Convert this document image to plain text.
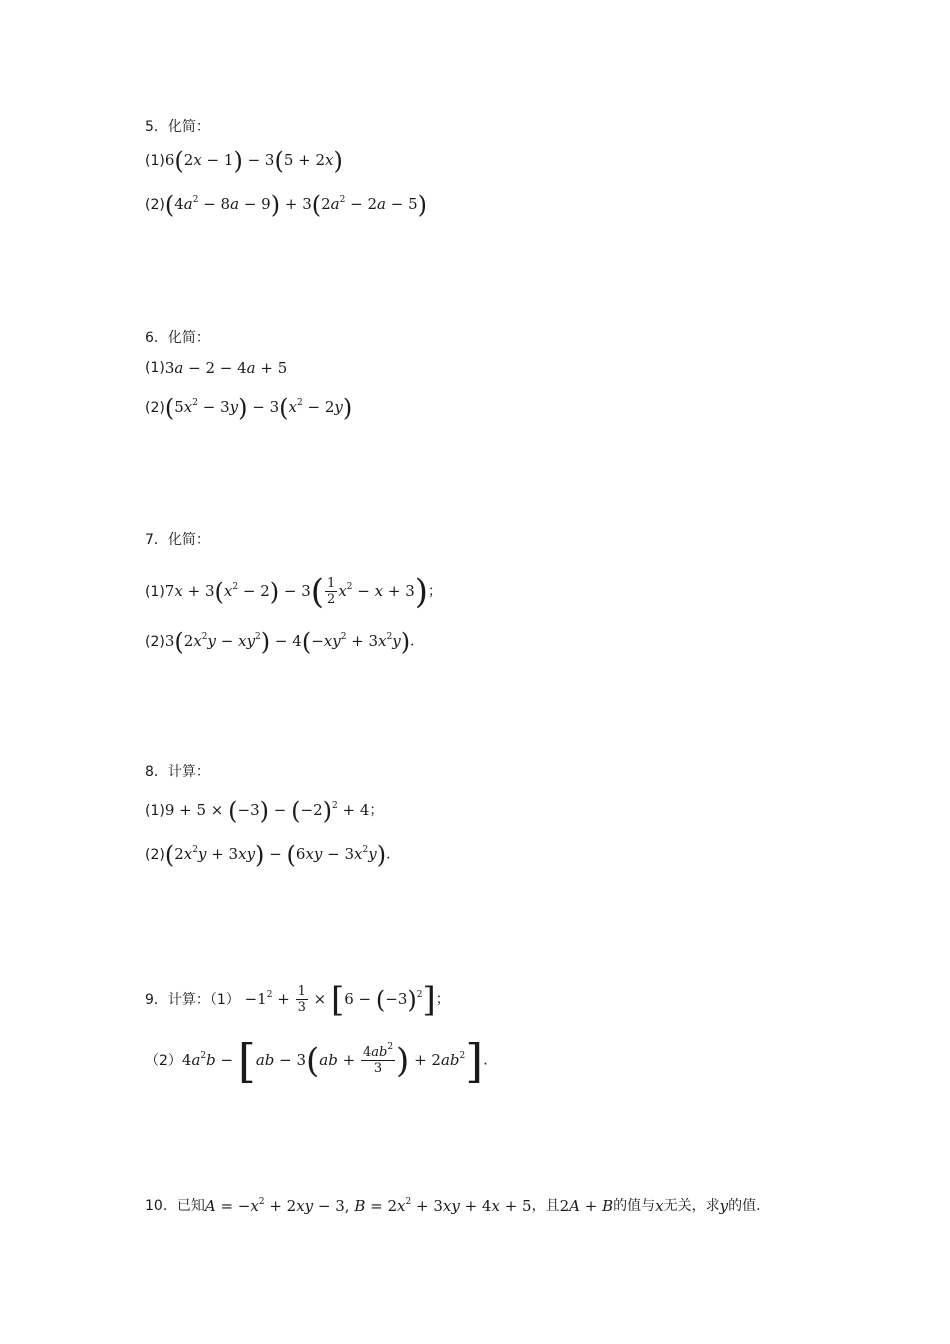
5．化简：
(1)6(2x − 1) − 3(5 + 2x)
$(2)(4a^2 - 8a - 9) + 3(2a^2 - 2a - 5)$
6．化简：
(1)3a − 2 − 4a + 5
$(2)(5x^2 - 3y) - 3(x^2 - 2y)$
7．化简：
$(1)7x + 3(x^2 - 2) - 3( \frac{1}{2} x^2 - x + 3)$；
$(2)3(2x^2y - xy^2) - 4(-xy^2 + 3x^2y)$．
8．计算：
$(1)9 + 5 \times (-3) - (-2)^2 + 4$；
$(2)(2x^2y + 3xy) - (6xy - 3x^2y)$．
9．计算：$(1) -1^2 + \frac{1}{3} \times [6 - (-3)^2]$；
$(2)4a^2b - [ab - 3(ab + \frac{4ab^2}{3}$ ) + $2ab^2$]．
10．已知$A = -x^2 + 2xy - 3$, $B = 2x^2 + 3xy + 4x + 5$，且2A + B的值与x无关，求y的值．
